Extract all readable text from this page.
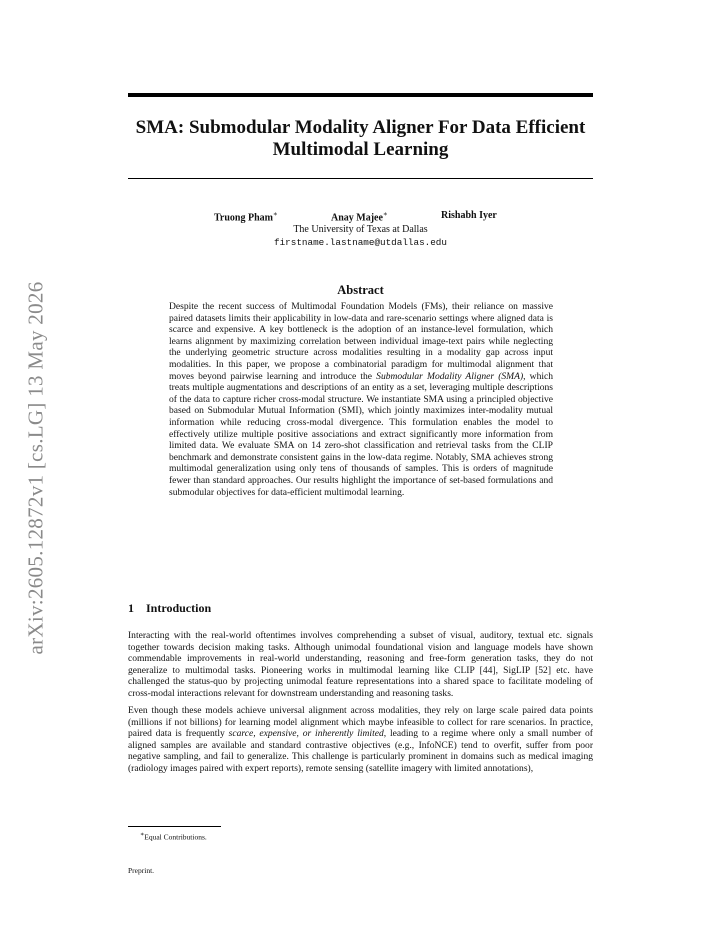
arXiv:2605.12872v1 [cs.LG] 13 May 2026
SMA: Submodular Modality Aligner For Data Efficient Multimodal Learning
Truong Pham∗	Anay Majee∗	Rishabh Iyer
The University of Texas at Dallas
firstname.lastname@utdallas.edu
Abstract
Despite the recent success of Multimodal Foundation Models (FMs), their reliance on massive paired datasets limits their applicability in low-data and rare-scenario settings where aligned data is scarce and expensive. A key bottleneck is the adoption of an instance-level formulation, which learns alignment by maximizing correlation between individual image-text pairs while neglecting the underlying geometric structure across modalities resulting in a modality gap across input modalities. In this paper, we propose a combinatorial paradigm for multimodal alignment that moves beyond pairwise learning and introduce the Submodular Modality Aligner (SMA), which treats multiple augmentations and descriptions of an entity as a set, leveraging multiple descriptions of the data to capture richer cross-modal structure. We instantiate SMA using a principled objective based on Submodular Mutual Information (SMI), which jointly maximizes inter-modality mutual information while reducing cross-modal divergence. This formulation enables the model to effectively utilize multiple positive associations and extract significantly more information from limited data. We evaluate SMA on 14 zero-shot classification and retrieval tasks from the CLIP benchmark and demonstrate consistent gains in the low-data regime. Notably, SMA achieves strong multimodal generalization using only tens of thousands of samples. This is orders of magnitude fewer than standard approaches. Our results highlight the importance of set-based formulations and submodular objectives for data-efficient multimodal learning.
1 Introduction
Interacting with the real-world oftentimes involves comprehending a subset of visual, auditory, textual etc. signals together towards decision making tasks. Although unimodal foundational vision and language models have shown commendable improvements in real-world understanding, reasoning and free-form generation tasks, they do not generalize to multimodal tasks. Pioneering works in multimodal learning like CLIP [44], SigLIP [52] etc. have challenged the status-quo by projecting unimodal feature representations into a shared space to facilitate modeling of cross-modal interactions relevant for downstream understanding and reasoning tasks.
Even though these models achieve universal alignment across modalities, they rely on large scale paired data points (millions if not billions) for learning model alignment which maybe infeasible to collect for rare scenarios. In practice, paired data is frequently scarce, expensive, or inherently limited, leading to a regime where only a small number of aligned samples are available and standard contrastive objectives (e.g., InfoNCE) tend to overfit, suffer from poor negative sampling, and fail to generalize. This challenge is particularly prominent in domains such as medical imaging (radiology images paired with expert reports), remote sensing (satellite imagery with limited annotations),
∗Equal Contributions.
Preprint.
